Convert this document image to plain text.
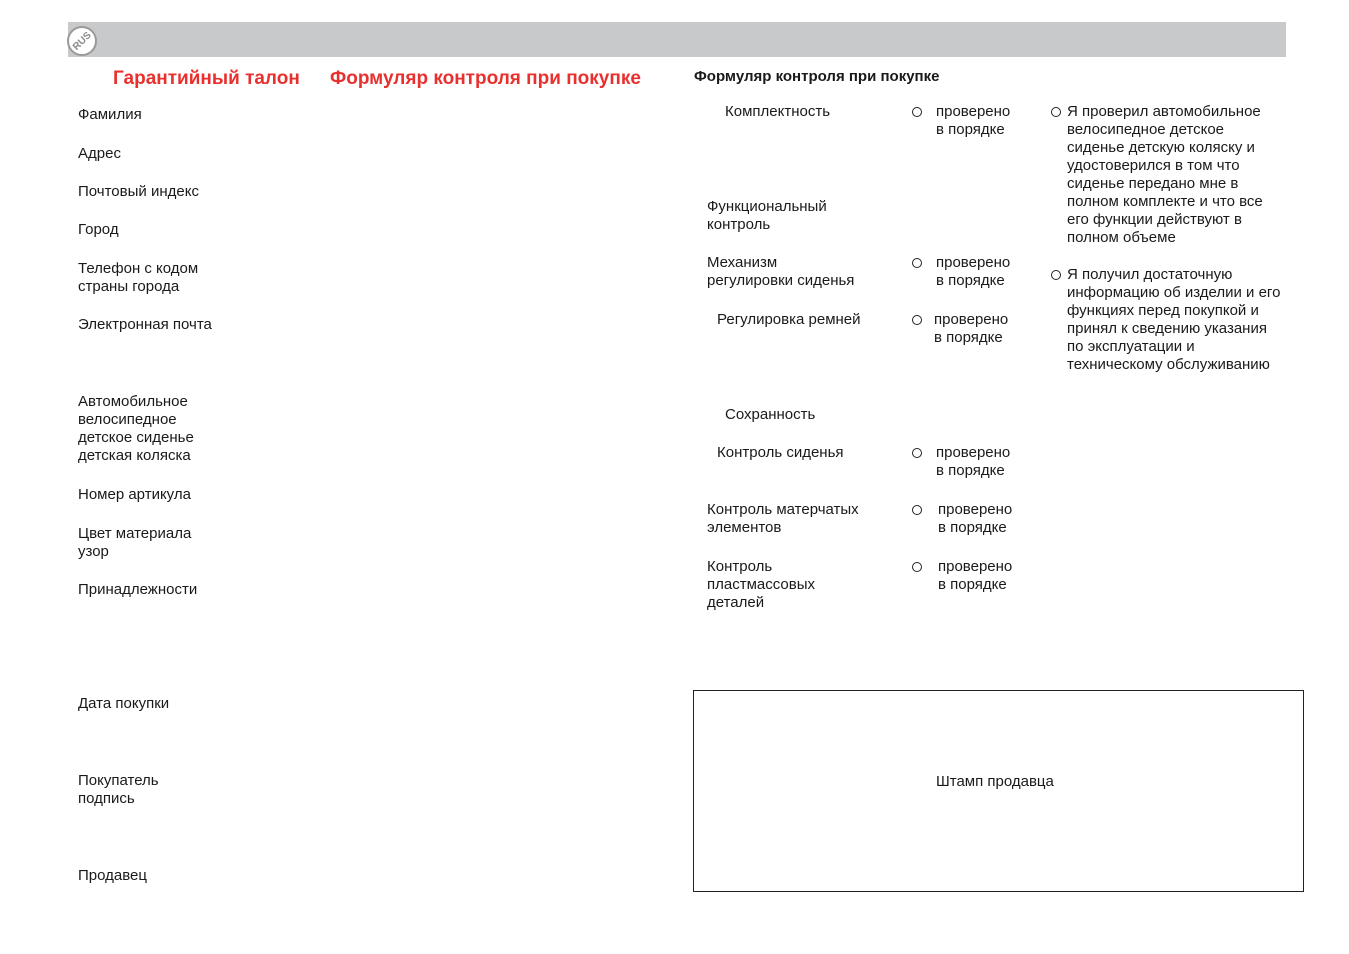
RUS
Гарантийный талон Формуляр контроля при покупке
Фамилия
Адрес
Почтовый индекс
Город
Телефон с кодом
страны города
Электронная почта
Автомобильное
велосипедное
детское сиденье
детская коляска
Номер артикула
Цвет материала
узор
Принадлежности
Дата покупки
Покупатель
подпись
Продавец
Формуляр контроля при покупке
Комплектность	проверено
в порядке
Функциональный
контроль
Механизм
регулировки сиденья
проверено
в порядке
Регулировка ремней	проверено
в порядке
Сохранность
Контроль сиденья	проверено
в порядке
Контроль матерчатых
элементов
проверено
в порядке
Контроль
пластмассовых
деталей
проверено
в порядке
Я проверил автомобильное
велосипедное детское
сиденье детскую коляску и
удостоверился в том что
сиденье передано мне в
полном комплекте и что все
его функции действуют в
полном объеме
Я получил достаточную
информацию об изделии и его
функциях перед покупкой и
принял к сведению указания
по эксплуатации и
техническому обслуживанию
Штамп продавца
